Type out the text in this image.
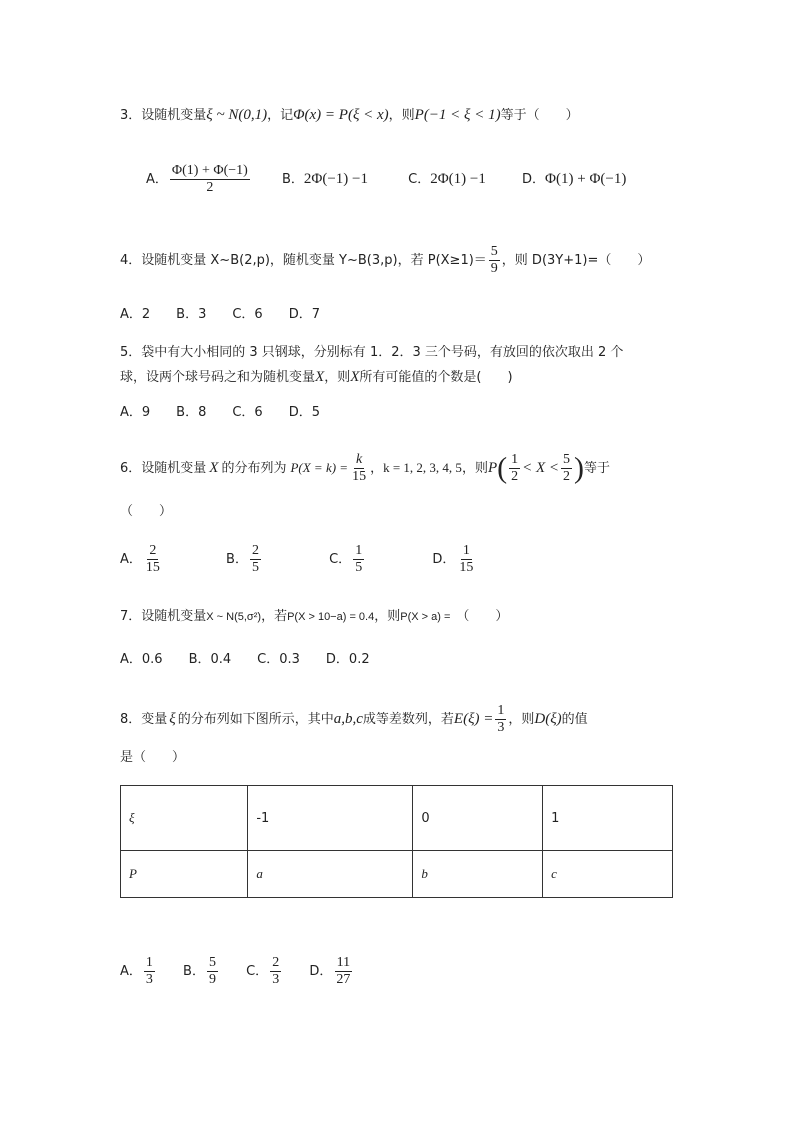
3．设随机变量ξ ~ N(0,1)，记Φ(x) = P(ξ < x)，则P(−1 < ξ < 1)等于（　　）
A． $\frac{\Phi(1) + \Phi(-1)}{2}$ B．2Φ(−1) −1	C．2Φ(1) −1	D．Φ(1) + Φ(−1)
4．设随机变量 X~B(2,p)，随机变量 Y~B(3,p)，若 $P(X\ge 1)= \frac{5}{9}$ ，则 D(3Y+1)=（　　）
A．2　　B．3　　C．6　　D．7
5．袋中有大小相同的 3 只钢球，分别标有 1．2．3 三个号码，有放回的依次取出 2 个
球，设两个球号码之和为随机变量X，则X所有可能值的个数是(　　)
A．9　　B．8　　C．6　　D．5
6．设随机变量 X 的分布列为 $P(X = k) = \frac{k}{15}$ ，k = 1, 2, 3, 4, 5，则$P( \frac{1}{2} < X < \frac{5}{2}$ )等于
（　　）
A． $\frac{2}{15}$	B． $\frac{2}{5}$	C． $\frac{1}{5}$	D． $\frac{1}{15}$
7．设随机变量X ~ N(5,σ²)，若P(X > 10−a) = 0.4，则P(X > a) = （　　）
A．0.6　　B．0.4　　C．0.3　　D．0.2
8．变量 ξ 的分布列如下图所示，其中a,b,c成等差数列，若$E(\xi) = \frac{1}{3}$ ，则D(ξ)的值
是（　　）
ξ	-1	0	1
P	a	b	c
A． $\frac{1}{3}$ B． $\frac{5}{9}$ C． $\frac{2}{3}$ D． $\frac{11}{27}$
